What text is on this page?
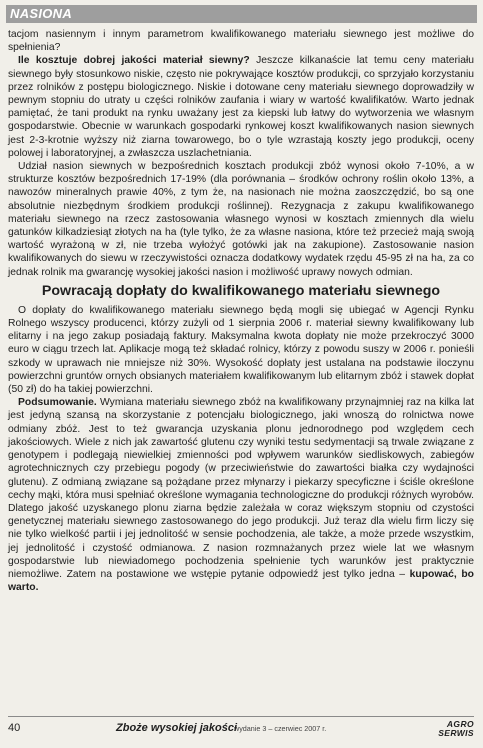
NASIONA

tacjom nasiennym i innym parametrom kwalifikowanego materiału siewnego jest możliwe do spełnienia?

Ile kosztuje dobrej jakości materiał siewny? Jeszcze kilkanaście lat temu ceny materiału siewnego były stosunkowo niskie, często nie pokrywające kosztów produkcji, co sprzyjało korzystaniu przez rolników z postępu biologicznego. Niskie i dotowane ceny materiału siewnego doprowadziły w pewnym stopniu do utraty u części rolników zaufania i wiary w wartość kwalifikatów. Warto jednak pamiętać, że tani produkt na rynku uważany jest za kiepski lub łatwy do wytworzenia we własnym gospodarstwie. Obecnie w warunkach gospodarki rynkowej koszt kwalifikowanych nasion siewnych jest 2-3-krotnie wyższy niż ziarna towarowego, bo o tyle wzrastają koszty jego produkcji, oceny polowej i laboratoryjnej, a zwłaszcza uszlachetniania.

Udział nasion siewnych w bezpośrednich kosztach produkcji zbóż wynosi około 7-10%, a w strukturze kosztów bezpośrednich 17-19% (dla porównania – środków ochrony roślin około 13%, a nawozów mineralnych prawie 40%, z tym że, na nasionach nie można zaoszczędzić, bo są one absolutnie niezbędnym środkiem produkcji roślinnej). Rezygnacja z zakupu kwalifikowanego materiału siewnego na rzecz zastosowania własnego wynosi w kosztach zmiennych dla wielu gatunków kilkadziesiąt złotych na ha (tyle tylko, że za własne nasiona, które też przecież mają swoją wartość wyrażoną w zł, nie trzeba wyłożyć gotówki jak na zakupione). Zastosowanie nasion kwalifikowanych do siewu w rzeczywistości oznacza dodatkowy wydatek rzędu 45-95 zł na ha, za co jednak rolnik ma gwarancję wysokiej jakości nasion i możliwość uprawy nowych odmian.

Powracają dopłaty do kwalifikowanego materiału siewnego

O dopłaty do kwalifikowanego materiału siewnego będą mogli się ubiegać w Agencji Rynku Rolnego wszyscy producenci, którzy zużyli od 1 sierpnia 2006 r. materiał siewny kwalifikowany lub elitarny i na jego zakup posiadają faktury. Maksymalna kwota dopłaty nie może przekroczyć 3000 euro w ciągu trzech lat. Aplikacje mogą też składać rolnicy, którzy z powodu suszy w 2006 r. ponieśli szkody w uprawach nie mniejsze niż 30%. Wysokość dopłaty jest ustalana na podstawie iloczynu powierzchni gruntów ornych obsianych materiałem kwalifikowanym lub elitarnym zbóż i stawek dopłat (50 zł) do ha takiej powierzchni.

Podsumowanie. Wymiana materiału siewnego zbóż na kwalifikowany przynajmniej raz na kilka lat jest jedyną szansą na skorzystanie z potencjału biologicznego, jaki wnoszą do rolnictwa nowe odmiany zbóż. Jest to też gwarancja uzyskania plonu jednorodnego pod względem cech jakościowych. Wiele z nich jak zawartość glutenu czy wyniki testu sedymentacji są trwale związane z genotypem i podlegają niewielkiej zmienności pod wpływem warunków siedliskowych, zabiegów agrotechnicznych czy przebiegu pogody (w przeciwieństwie do zawartości białka czy wydajności glutenu). Z odmianą związane są pożądane przez młynarzy i piekarzy specyficzne i ściśle określone cechy mąki, która musi spełniać określone wymagania technologiczne do produkcji różnych wyrobów. Dlatego jakość uzyskanego plonu ziarna będzie zależała w coraz większym stopniu od czystości genetycznej materiału siewnego zastosowanego do jego produkcji. Już teraz dla wielu firm liczy się nie tylko wielkość partii i jej jednolitość w sensie pochodzenia, ale także, a może przede wszystkim, jej jednolitość i czystość odmianowa. Z nasion rozmnażanych przez wiele lat we własnym gospodarstwie lub niewiadomego pochodzenia spełnienie tych warunków jest praktycznie niemożliwe. Zatem na postawione we wstępie pytanie odpowiedź jest tylko jedna – kupować, bo warto.

40	Zboże wysokiej jakości
wydanie 3 – czerwiec 2007 r.	AGRO
SERWIS
